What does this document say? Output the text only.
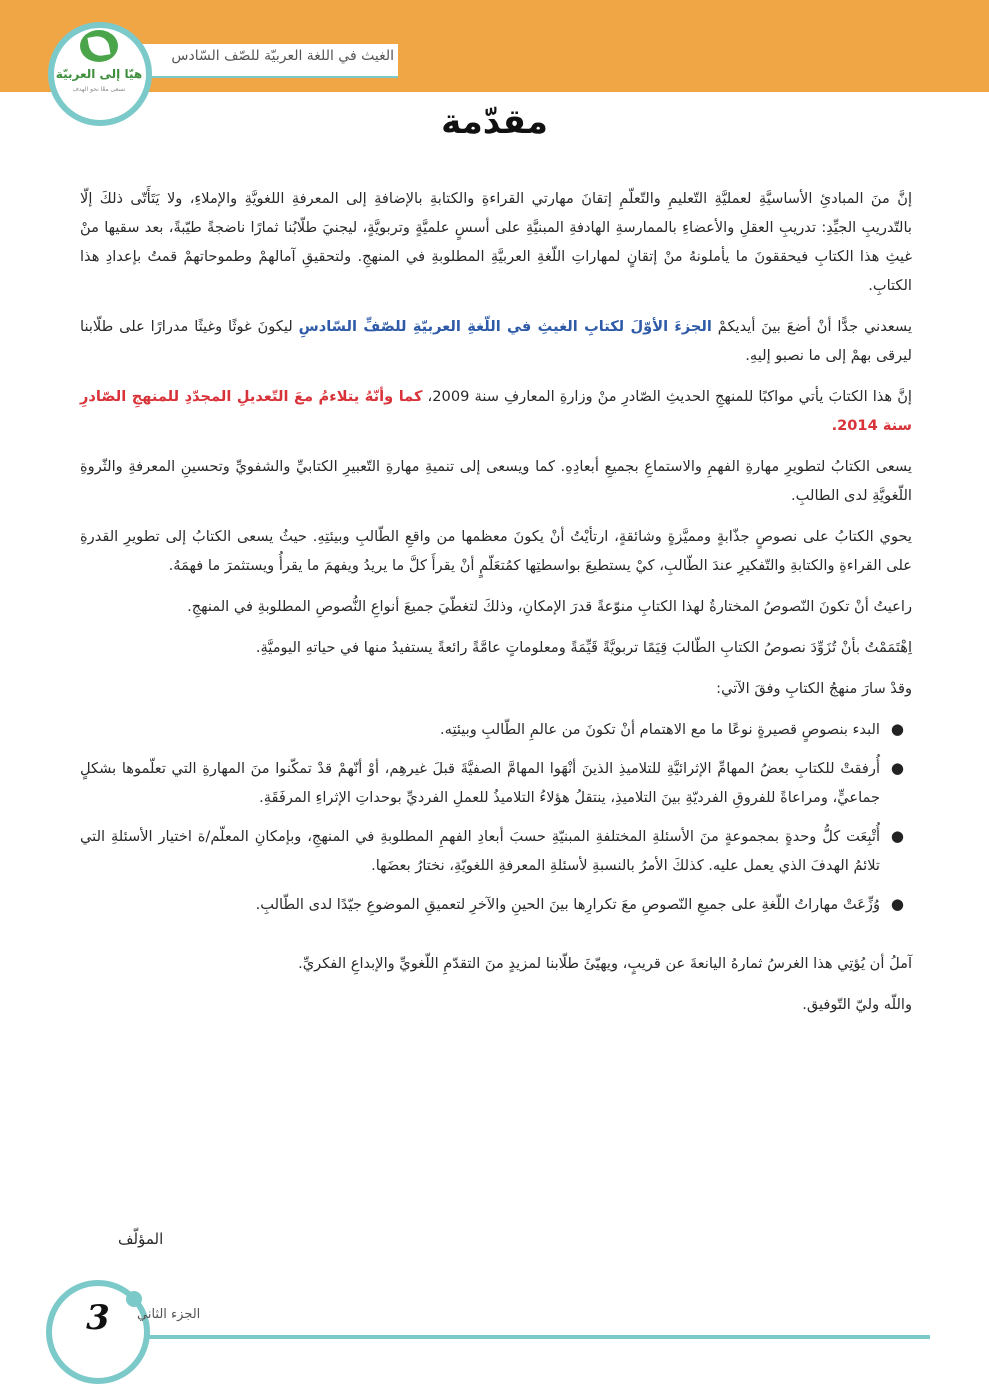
الغيث في اللغة العربيّة للصّف السّادس
هيّا إلى العربيّة
نسعى معًا نحو الهدف
مقدّمة

إنَّ منَ المبادئِ الأساسيَّةِ لعمليَّةِ التّعليمِ والتّعلّمِ إتقانَ مهارتي القراءةِ والكتابةِ بالإضافةِ إلى المعرفةِ اللغويَّةِ والإملاءِ، ولا يَتَأَتّى ذلكَ إلّا بالتّدريبِ الجيِّدِ: تدريبِ العقلِ والأعضاءِ بالممارسةِ الهادفةِ المبنيَّةِ على أسسٍ علميَّةٍ وتربويَّةٍ، ليجنيَ طلّابُنا ثمارًا ناضجةً طيّبةً، بعد سقيها منْ غيثِ هذا الكتابِ فيحققونَ ما يأملونهُ منْ إتقانٍ لمهاراتِ اللّغةِ العربيَّةِ المطلوبةِ في المنهجِ. ولتحقيقِ آمالهمْ وطموحاتهمْ قمتُ بإعدادِ هذا الكتابِ.

يسعدني جدًّا أنْ أضعَ بينَ أيديكمْ الجزءَ الأوّلَ لكتابِ الغيثِ في اللّغةِ العربيّةِ للصّفِّ السّادسِ ليكونَ غوثًا وغيثًا مدرارًا على طلّابنا ليرقى بهمْ إلى ما نصبو إليهِ.

إنَّ هذا الكتابَ يأتي مواكبًا للمنهجِ الحديثِ الصّادرِ منْ وزارةِ المعارفِ سنة 2009، كما وأنّهُ يتلاءمُ معَ التّعديلِ المجدّدِ للمنهجِ الصّادرِ سنة 2014.

يسعى الكتابُ لتطويرِ مهارةِ الفهمِ والاستماعِ بجميعِ أبعادِهِ. كما ويسعى إلى تنميةِ مهارةِ التّعبيرِ الكتابيِّ والشفويِّ وتحسينِ المعرفةِ والثّروةِ اللّغويَّةِ لدى الطالبِ.

يحوي الكتابُ على نصوصٍ جذّابةٍ ومميَّزةٍ وشائقةٍ، ارتأيْتُ أنْ يكونَ معظمها من واقعِ الطّالبِ وبيئتِهِ. حيثُ يسعى الكتابُ إلى تطويرِ القدرةِ على القراءةِ والكتابةِ والتّفكيرِ عندَ الطّالبِ، كيْ يستطيعَ بواسطتِها كمُتعَلّمٍ أنْ يقرأَ كلَّ ما يريدُ ويفهمَ ما يقرأُ ويستثمرَ ما فهمَهُ.

راعيتُ أنْ تكونَ النّصوصُ المختارةُ لهذا الكتابِ منوّعةً قدرَ الإمكانِ، وذلكَ لتغطّيَ جميعَ أنواعِ النُّصوصِ المطلوبةِ في المنهجِ.

اِهْتَمَمْتُ بأنْ تُزَوِّدَ نصوصُ الكتابِ الطّالبَ قِيَمًا تربويَّةً قَيِّمَةً ومعلوماتٍ عامَّةً رائعةً يستفيدُ منها في حياتهِ اليوميَّةِ.

وقدْ سارَ منهجُ الكتابِ وفقَ الآتي:

●
البدء بنصوصٍ قصيرةٍ نوعًا ما مع الاهتمام أنْ تكونَ من عالمِ الطّالبِ وبيئتِه.
●
أُرفقتْ للكتابِ بعضُ المهامِّ الإثرائيَّةِ للتلاميذِ الذينَ أنْهَوا المهامَّ الصفيَّةَ قبلَ غيرهِم، أوْ أنّهمْ قدْ تمكّنوا منَ المهارةِ التي تعلّموها بشكلٍ جماعيٍّ، ومراعاةً للفروقِ الفرديّةِ بينَ التلاميذِ، ينتقلُ هؤلاءُ التلاميذُ للعملِ الفرديِّ بوحداتِ الإثراءِ المرفَقَةِ.
●
أُتْبِعَت كلُّ وحدةٍ بمجموعةٍ منَ الأسئلةِ المختلفةِ المبنيّةِ حسبَ أبعادِ الفهمِ المطلوبةِ في المنهجِ، وبإمكانِ المعلّم/ة اختيار الأسئلةِ التي تلائمُ الهدفَ الذي يعمل عليه. كذلكَ الأمرُ بالنسبةِ لأسئلةِ المعرفةِ اللغويّةِ، نختارُ بعضَها.
●
وُزِّعَتْ مهاراتُ اللّغةِ على جميعِ النّصوصِ معَ تكرارِها بينَ الحينِ والآخرِ لتعميقِ الموضوعِ جيّدًا لدى الطّالبِ.

آملُ أن يُؤتِي هذا الغرسُ ثمارهُ اليانعةَ عن قريبٍ، ويهيّئَ طلّابنا لمزيدٍ منَ التقدّمِ اللّغويِّ والإبداعِ الفكريِّ.

واللّه وليّ التّوفيق.

المؤلّف
3	الجزء الثاني
